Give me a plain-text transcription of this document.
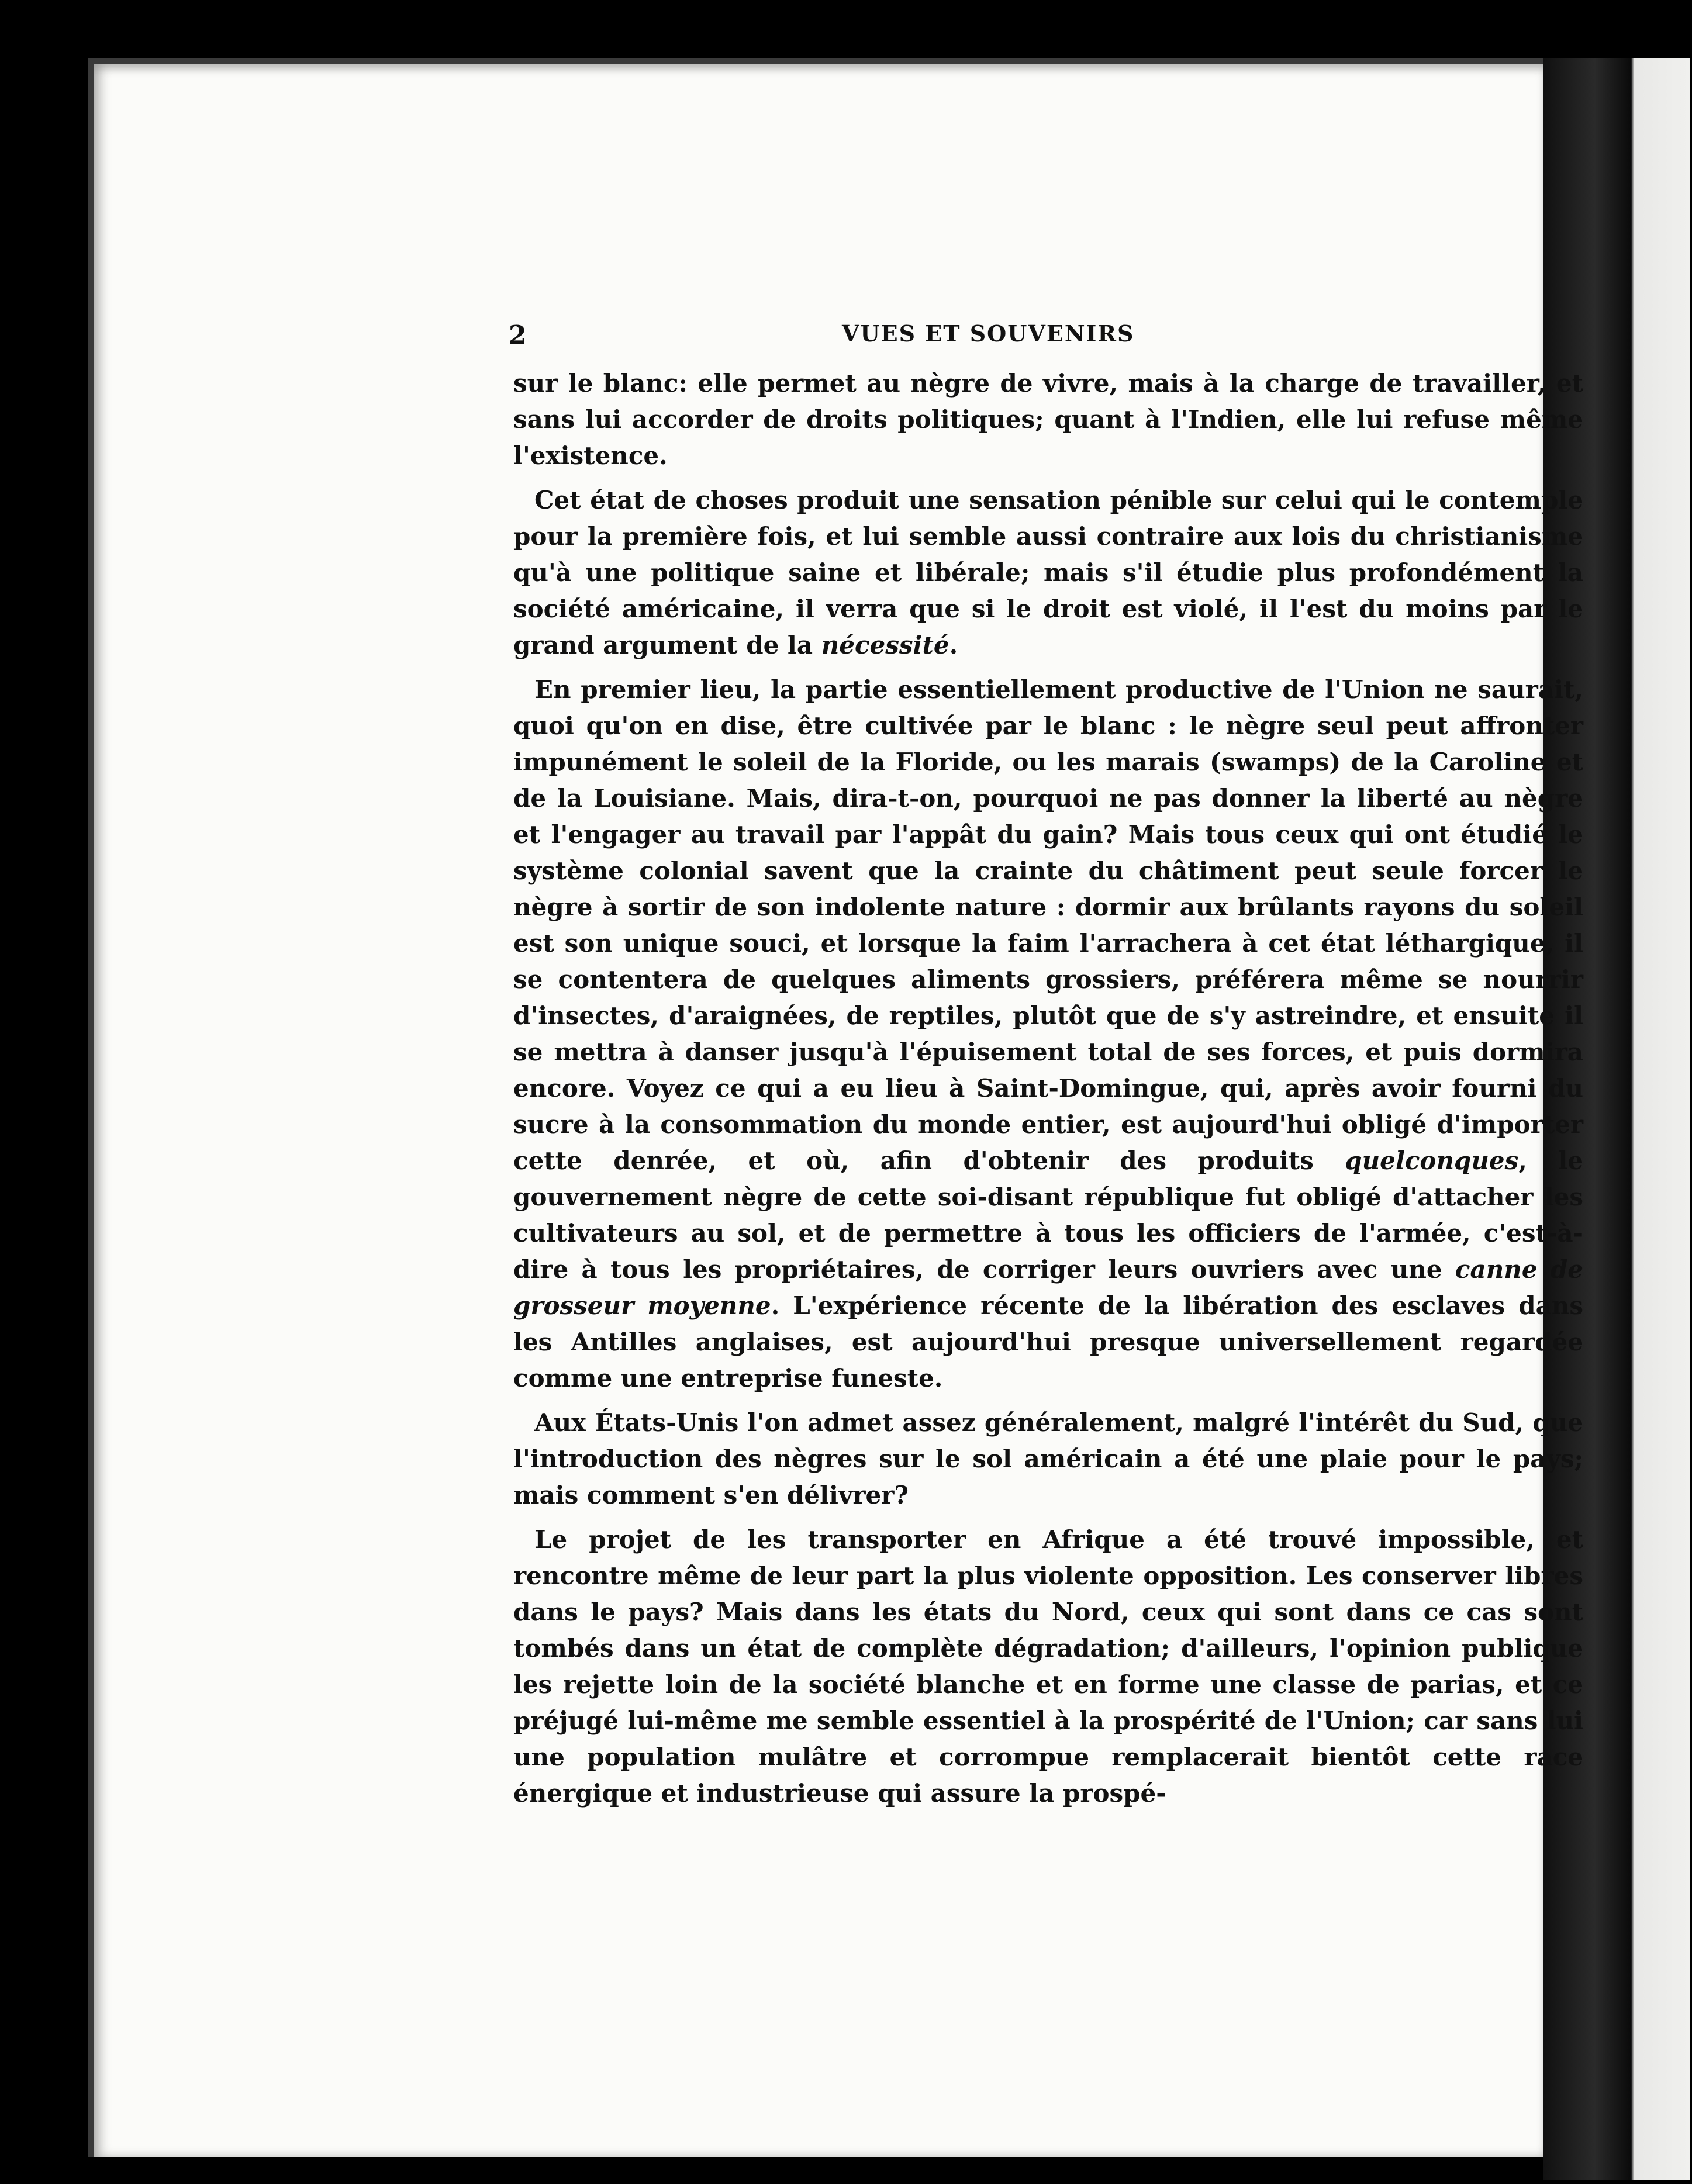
2	VUES ET SOUVENIRS

sur le blanc: elle permet au nègre de vivre, mais à la charge de travailler, et sans lui accorder de droits politiques; quant à l'Indien, elle lui refuse même l'existence.

Cet état de choses produit une sensation pénible sur celui qui le contemple pour la première fois, et lui semble aussi contraire aux lois du christianisme qu'à une politique saine et libérale; mais s'il étudie plus profondément la société américaine, il verra que si le droit est violé, il l'est du moins par le grand argument de la nécessité.

En premier lieu, la partie essentiellement productive de l'Union ne saurait, quoi qu'on en dise, être cultivée par le blanc : le nègre seul peut affronter impunément le soleil de la Floride, ou les marais (swamps) de la Caroline et de la Louisiane. Mais, dira-t-on, pourquoi ne pas donner la liberté au nègre et l'engager au travail par l'appât du gain? Mais tous ceux qui ont étudié le système colonial savent que la crainte du châtiment peut seule forcer le nègre à sortir de son indolente nature : dormir aux brûlants rayons du soleil est son unique souci, et lorsque la faim l'arrachera à cet état léthargique, il se contentera de quelques aliments grossiers, préférera même se nourrir d'insectes, d'araignées, de reptiles, plutôt que de s'y astreindre, et ensuite il se mettra à danser jusqu'à l'épuisement total de ses forces, et puis dormira encore. Voyez ce qui a eu lieu à Saint-Domingue, qui, après avoir fourni du sucre à la consommation du monde entier, est aujourd'hui obligé d'importer cette denrée, et où, afin d'obtenir des produits quelconques, le gouvernement nègre de cette soi-disant république fut obligé d'attacher les cultivateurs au sol, et de permettre à tous les officiers de l'armée, c'est-à-dire à tous les propriétaires, de corriger leurs ouvriers avec une canne de grosseur moyenne. L'expérience récente de la libération des esclaves dans les Antilles anglaises, est aujourd'hui presque universellement regardée comme une entreprise funeste.

Aux États-Unis l'on admet assez généralement, malgré l'intérêt du Sud, que l'introduction des nègres sur le sol américain a été une plaie pour le pays; mais comment s'en délivrer?

Le projet de les transporter en Afrique a été trouvé impossible, et rencontre même de leur part la plus violente opposition. Les conserver libres dans le pays? Mais dans les états du Nord, ceux qui sont dans ce cas sont tombés dans un état de complète dégradation; d'ailleurs, l'opinion publique les rejette loin de la société blanche et en forme une classe de parias, et ce préjugé lui-même me semble essentiel à la prospérité de l'Union; car sans lui une population mulâtre et corrompue remplacerait bientôt cette race énergique et industrieuse qui assure la prospé-
